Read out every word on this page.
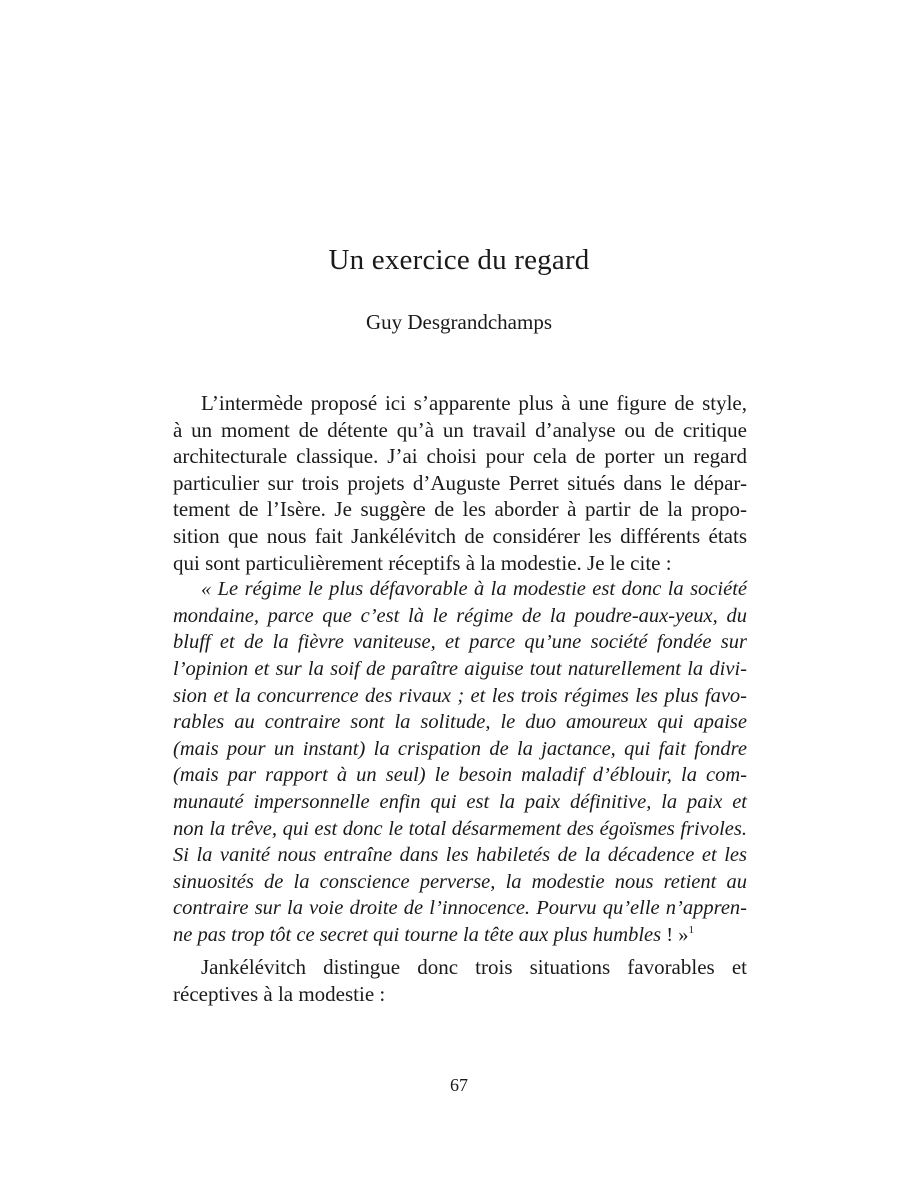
Un exercice du regard
Guy Desgrandchamps
L’intermède proposé ici s’apparente plus à une figure de style,
à un moment de détente qu’à un travail d’analyse ou de critique
architecturale classique. J’ai choisi pour cela de porter un regard
particulier sur trois projets d’Auguste Perret situés dans le dépar-
tement de l’Isère. Je suggère de les aborder à partir de la propo-
sition que nous fait Jankélévitch de considérer les différents états
qui sont particulièrement réceptifs à la modestie. Je le cite :
« Le régime le plus défavorable à la modestie est donc la société
mondaine, parce que c’est là le régime de la poudre-aux-yeux, du
bluff et de la fièvre vaniteuse, et parce qu’une société fondée sur
l’opinion et sur la soif de paraître aiguise tout naturellement la divi-
sion et la concurrence des rivaux ; et les trois régimes les plus favo-
rables au contraire sont la solitude, le duo amoureux qui apaise
(mais pour un instant) la crispation de la jactance, qui fait fondre
(mais par rapport à un seul) le besoin maladif d’éblouir, la com-
munauté impersonnelle enfin qui est la paix définitive, la paix et
non la trêve, qui est donc le total désarmement des égoïsmes frivoles.
Si la vanité nous entraîne dans les habiletés de la décadence et les
sinuosités de la conscience perverse, la modestie nous retient au
contraire sur la voie droite de l’innocence. Pourvu qu’elle n’appren-
ne pas trop tôt ce secret qui tourne la tête aux plus humbles ! »$^1$
Jankélévitch distingue donc trois situations favorables et
réceptives à la modestie :
67
